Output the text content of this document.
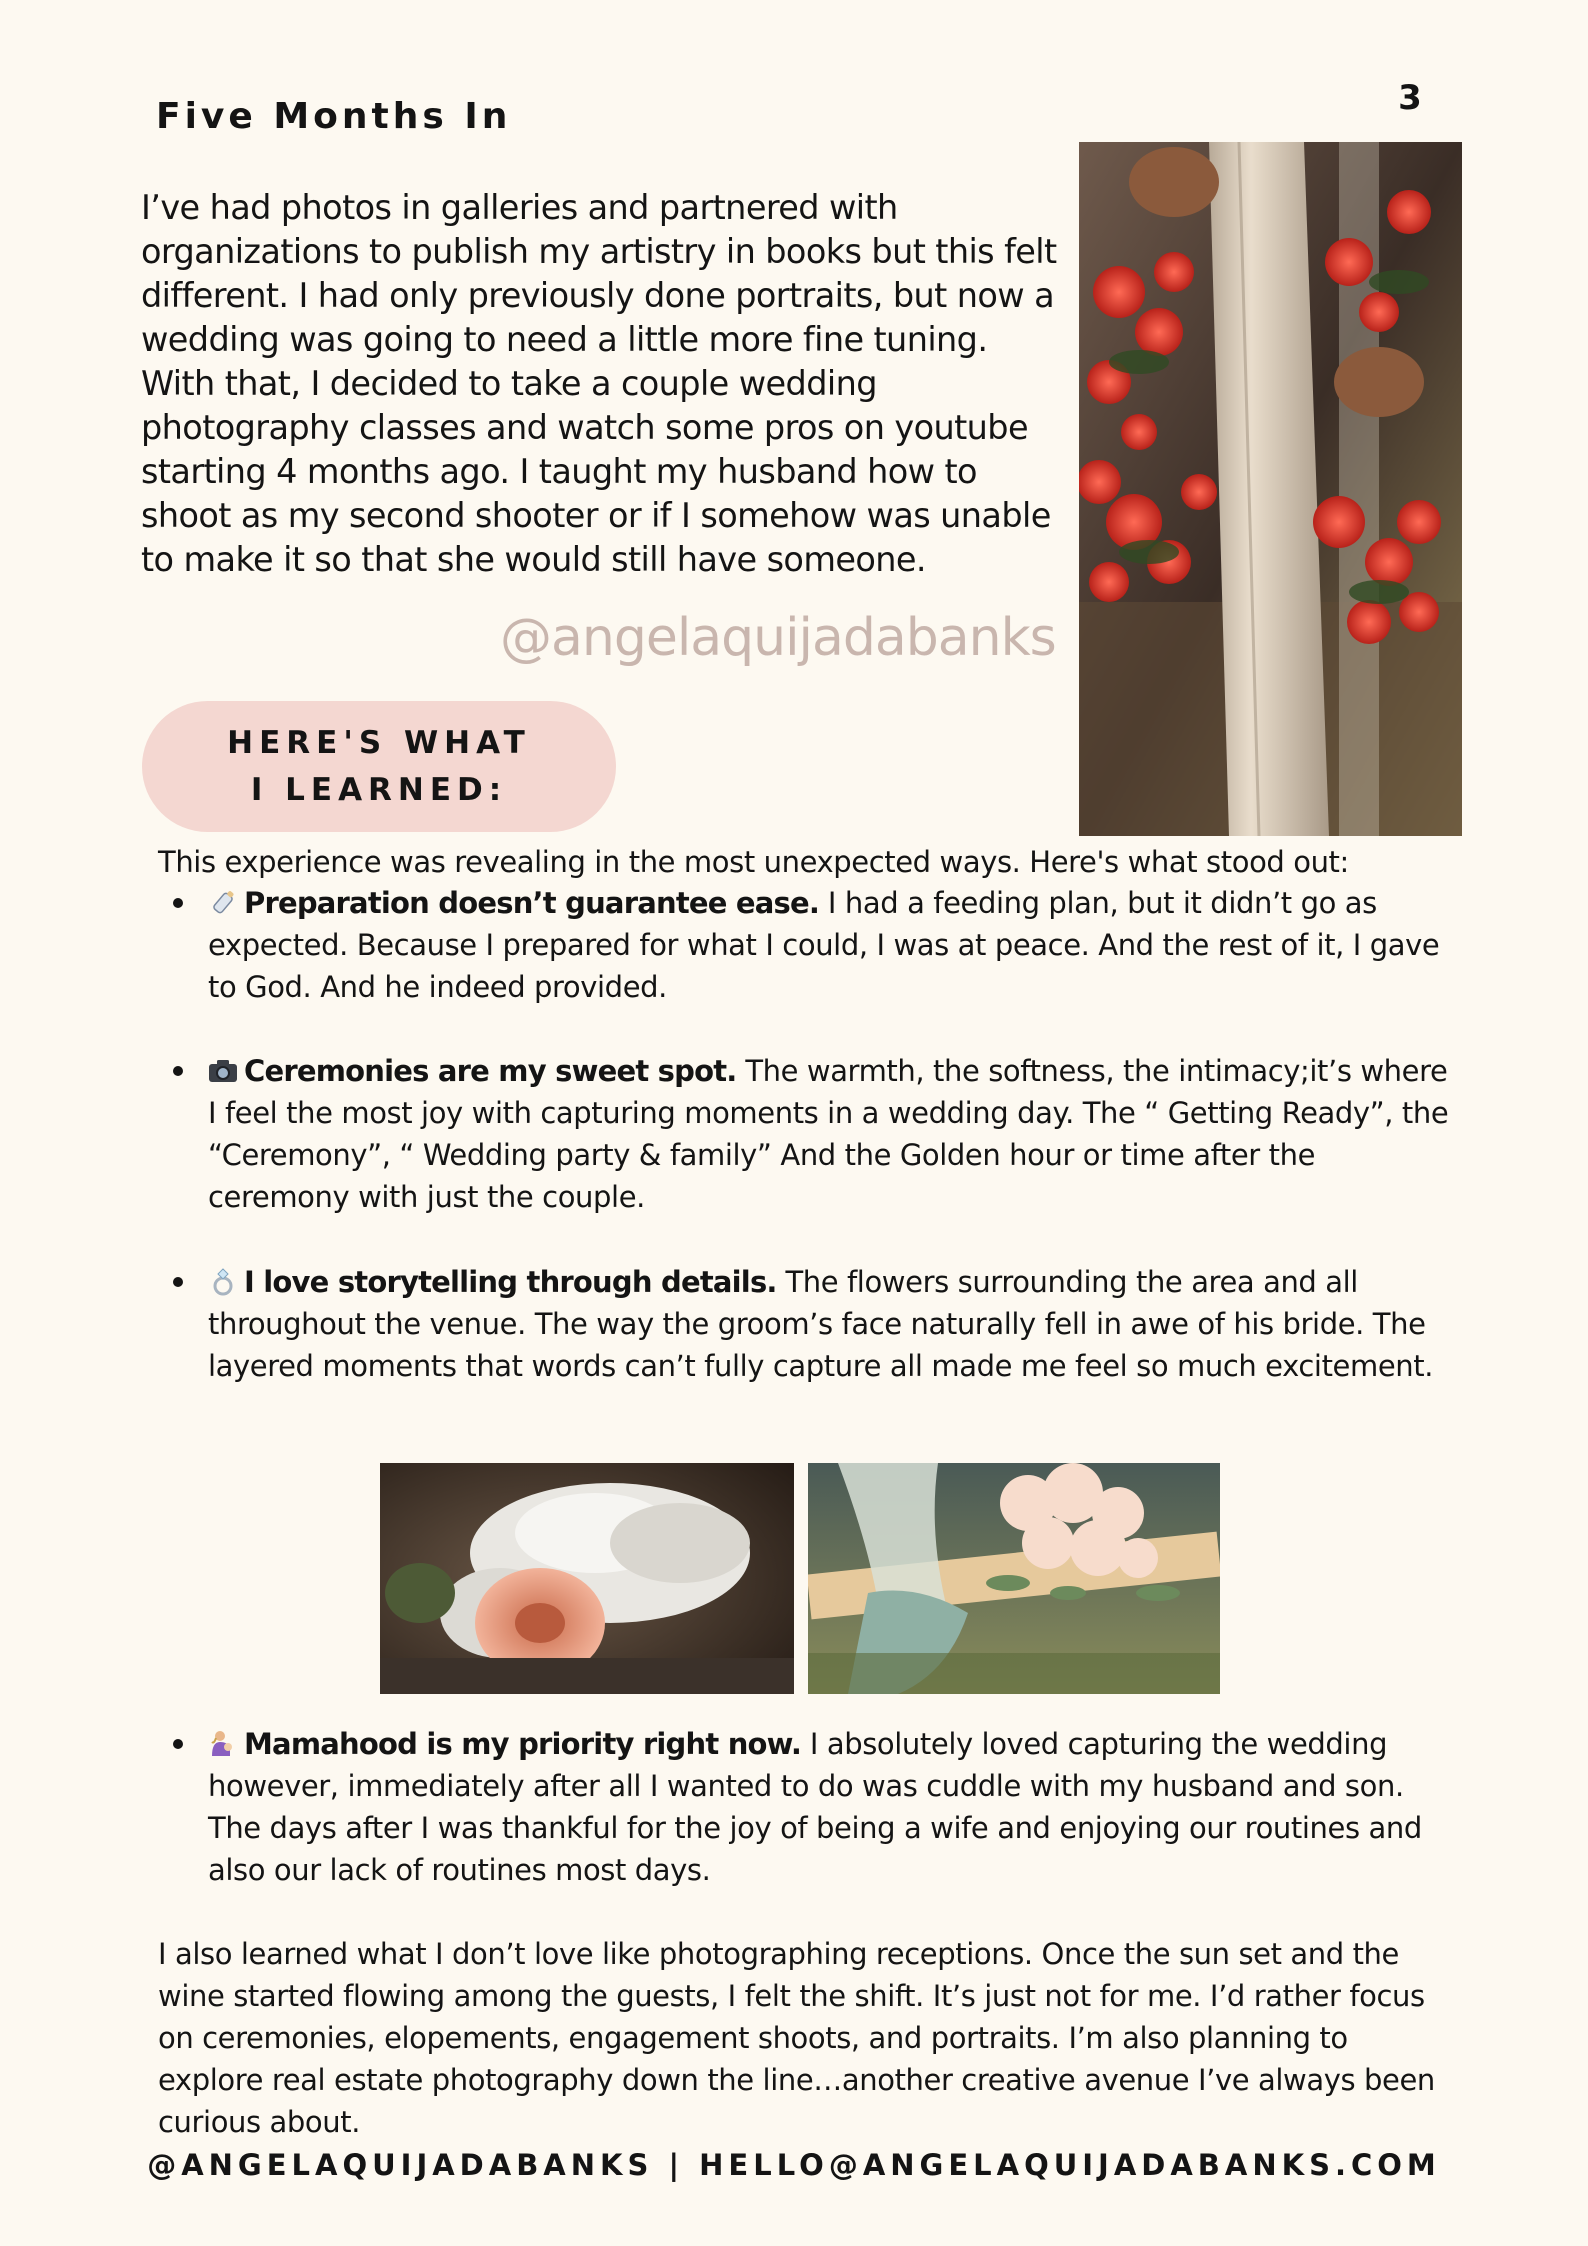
3
Five Months In
I’ve had photos in galleries and partnered with organizations to publish my artistry in books but this felt different. I had only previously done portraits, but now a wedding was going to need a little more fine tuning. With that, I decided to take a couple wedding photography classes and watch some pros on youtube starting 4 months ago. I taught my husband how to shoot as my second shooter or if I somehow was unable to make it so that she would still have someone.
@angelaquijadabanks
HERE'S WHAT I LEARNED:
This experience was revealing in the most unexpected ways. Here's what stood out:
Preparation doesn’t guarantee ease. I had a feeding plan, but it didn’t go as expected. Because I prepared for what I could, I was at peace. And the rest of it, I gave to God. And he indeed provided.
Ceremonies are my sweet spot. The warmth, the softness, the intimacy;it’s where I feel the most joy with capturing moments in a wedding day. The “ Getting Ready”, the “Ceremony”, “ Wedding party & family” And the Golden hour or time after the ceremony with just the couple.
I love storytelling through details. The flowers surrounding the area and all throughout the venue. The way the groom’s face naturally fell in awe of his bride. The layered moments that words can’t fully capture all made me feel so much excitement.
Mamahood is my priority right now. I absolutely loved capturing the wedding however, immediately after all I wanted to do was cuddle with my husband and son. The days after I was thankful for the joy of being a wife and enjoying our routines and also our lack of routines most days.
I also learned what I don’t love like photographing receptions. Once the sun set and the wine started flowing among the guests, I felt the shift. It’s just not for me. I’d rather focus on ceremonies, elopements, engagement shoots, and portraits. I’m also planning to explore real estate photography down the line…another creative avenue I’ve always been curious about.
@ANGELAQUIJADABANKS | HELLO@ANGELAQUIJADABANKS.COM
